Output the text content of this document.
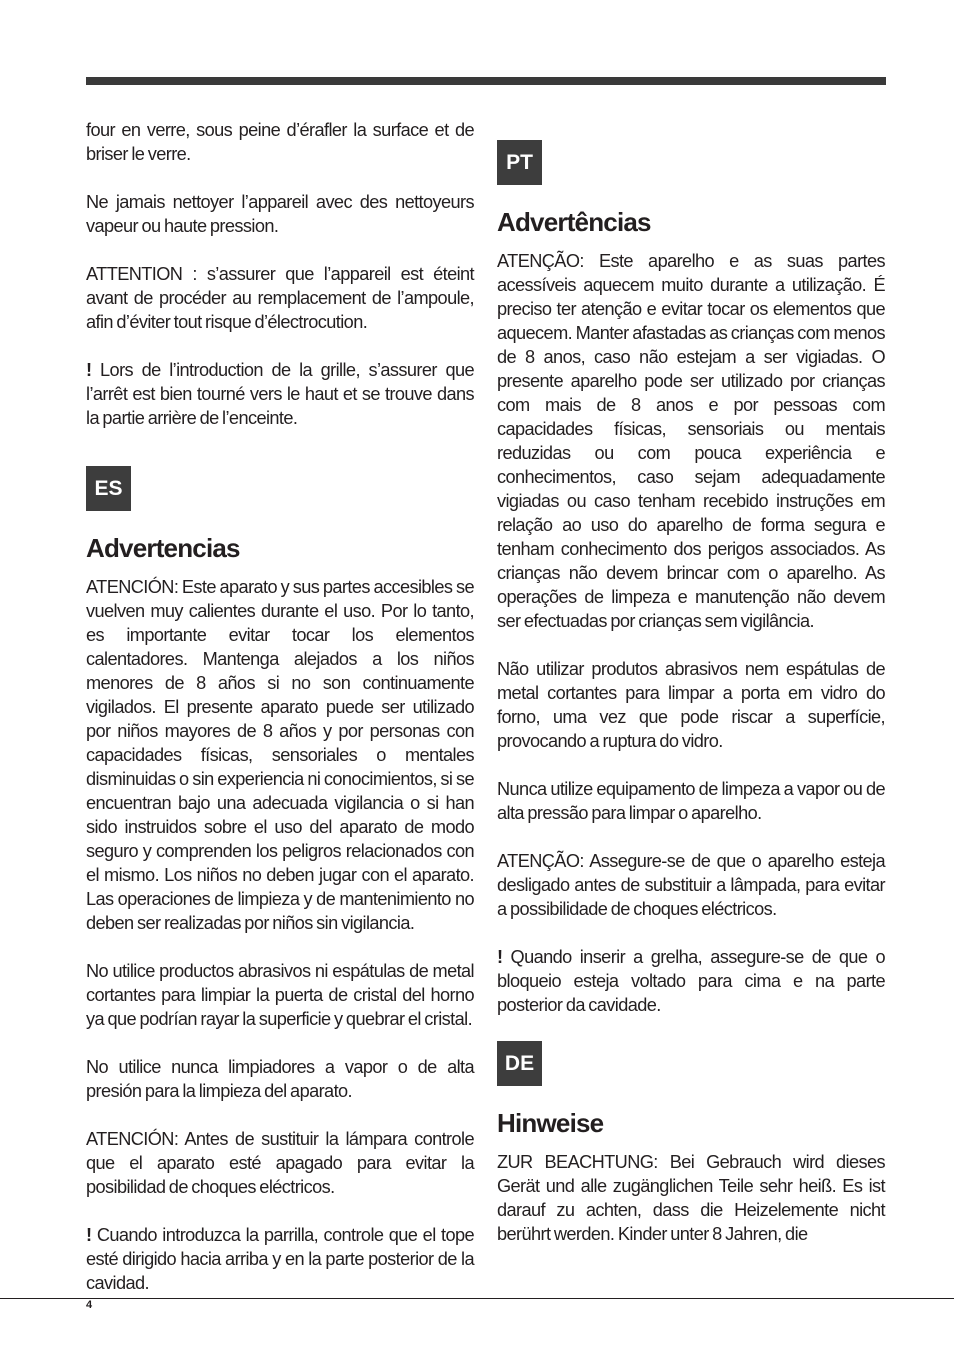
four en verre, sous peine d’érafler la surface et de briser le verre.

Ne jamais nettoyer l’appareil avec des nettoyeurs vapeur ou haute pression.

ATTENTION : s’assurer que l’appareil est éteint avant de procéder au remplacement de l’ampoule, afin d’éviter tout risque d’électrocution.

! Lors de l’introduction de la grille, s’assurer que l’arrêt est bien tourné vers le haut et se trouve dans la partie arrière de l’enceinte.

ES
Advertencias

ATENCIÓN: Este aparato y sus partes accesibles se vuelven muy calientes durante el uso. Por lo tanto, es importante evitar tocar los elementos calentadores. Mantenga alejados a los niños menores de 8 años si no son continuamente vigilados. El presente aparato puede ser utilizado por niños mayores de 8 años y por personas con capacidades físicas, sensoriales o mentales disminuidas o sin experiencia ni conocimientos, si se encuentran bajo una adecuada vigilancia o si han sido instruidos sobre el uso del aparato de modo seguro y comprenden los peligros relacionados con el mismo. Los niños no deben jugar con el aparato. Las operaciones de limpieza y de mantenimiento no deben ser realizadas por niños sin vigilancia.

No utilice productos abrasivos ni espátulas de metal cortantes para limpiar la puerta de cristal del horno ya que podrían rayar la superficie y quebrar el cristal.

No utilice nunca limpiadores a vapor o de alta presión para la limpieza del aparato.

ATENCIÓN: Antes de sustituir la lámpara controle que el aparato esté apagado para evitar la posibilidad de choques eléctricos.

! Cuando introduzca la parrilla, controle que el tope esté dirigido hacia arriba y en la parte posterior de la cavidad.

PT
Advertências

ATENÇÃO: Este aparelho e as suas partes acessíveis aquecem muito durante a utilização. É preciso ter atenção e evitar tocar os elementos que aquecem. Manter afastadas as crianças com menos de 8 anos, caso não estejam a ser vigiadas. O presente aparelho pode ser utilizado por crianças com mais de 8 anos e por pessoas com capacidades físicas, sensoriais ou mentais reduzidas ou com pouca experiência e conhecimentos, caso sejam adequadamente vigiadas ou caso tenham recebido instruções em relação ao uso do aparelho de forma segura e tenham conhecimento dos perigos associados. As crianças não devem brincar com o aparelho. As operações de limpeza e manutenção não devem ser efectuadas por crianças sem vigilância.

Não utilizar produtos abrasivos nem espátulas de metal cortantes para limpar a porta em vidro do forno, uma vez que pode riscar a superfície, provocando a ruptura do vidro.

Nunca utilize equipamento de limpeza a vapor ou de alta pressão para limpar o aparelho.

ATENÇÃO: Assegure-se de que o aparelho esteja desligado antes de substituir a lâmpada, para evitar a possibilidade de choques eléctricos.

! Quando inserir a grelha, assegure-se de que o bloqueio esteja voltado para cima e na parte posterior da cavidade.

DE
Hinweise

ZUR BEACHTUNG: Bei Gebrauch wird dieses Gerät und alle zugänglichen Teile sehr heiß. Es ist darauf zu achten, dass die Heizelemente nicht berührt werden. Kinder unter 8 Jahren, die

4
